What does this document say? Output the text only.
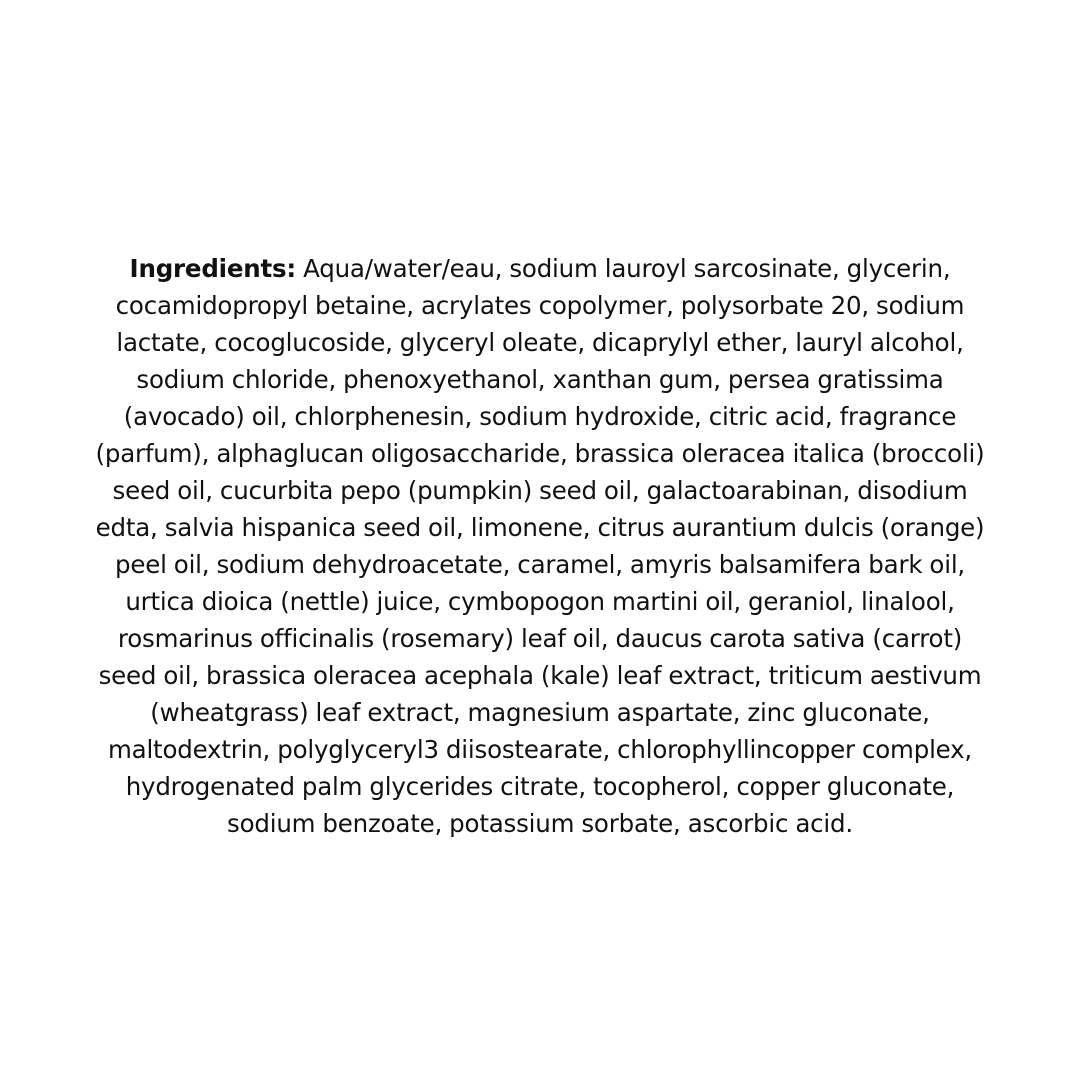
Ingredients: Aqua/water/eau, sodium lauroyl sarcosinate, glycerin, cocamidopropyl betaine, acrylates copolymer, polysorbate 20, sodium lactate, cocoglucoside, glyceryl oleate, dicaprylyl ether, lauryl alcohol, sodium chloride, phenoxyethanol, xanthan gum, persea gratissima (avocado) oil, chlorphenesin, sodium hydroxide, citric acid, fragrance (parfum), alphaglucan oligosaccharide, brassica oleracea italica (broccoli) seed oil, cucurbita pepo (pumpkin) seed oil, galactoarabinan, disodium edta, salvia hispanica seed oil, limonene, citrus aurantium dulcis (orange) peel oil, sodium dehydroacetate, caramel, amyris balsamifera bark oil, urtica dioica (nettle) juice, cymbopogon martini oil, geraniol, linalool, rosmarinus officinalis (rosemary) leaf oil, daucus carota sativa (carrot) seed oil, brassica oleracea acephala (kale) leaf extract, triticum aestivum (wheatgrass) leaf extract, magnesium aspartate, zinc gluconate, maltodextrin, polyglyceryl3 diisostearate, chlorophyllincopper complex, hydrogenated palm glycerides citrate, tocopherol, copper gluconate, sodium benzoate, potassium sorbate, ascorbic acid.
